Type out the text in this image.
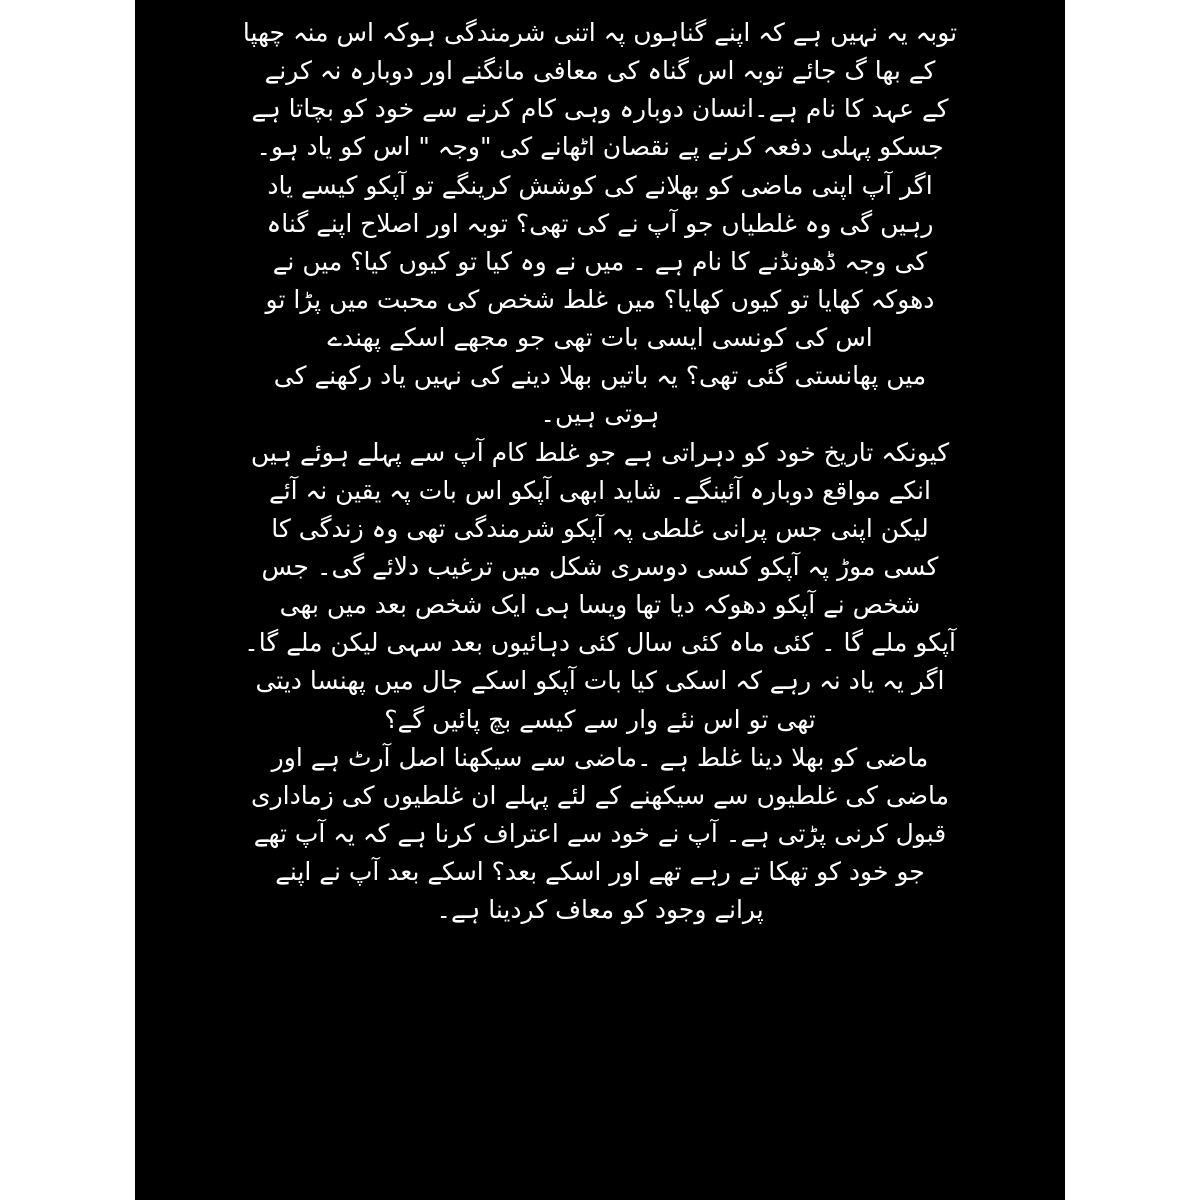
توبہ یہ نہیں ہے کہ اپنے گناہوں پہ اتنی شرمندگی ہوکہ اس منہ چھپا
کے بھا گ جائے توبہ اس گناہ کی معافی مانگنے اور دوبارہ نہ کرنے
کے عہد کا نام ہے۔انسان دوبارہ وہی کام کرنے سے خود کو بچاتا ہے
جسکو پہلی دفعہ کرنے پے نقصان اٹھانے کی "وجہ " اس کو یاد ہو۔
اگر آپ اپنی ماضی کو بھلانے کی کوشش کرینگے تو آپکو کیسے یاد
رہیں گی وہ غلطیاں جو آپ نے کی تھی؟ توبہ اور اصلاح اپنے گناہ
کی وجہ ڈھونڈنے کا نام ہے ۔ میں نے وہ کیا تو کیوں کیا؟ میں نے
دھوکہ کھایا تو کیوں کھایا؟ میں غلط شخص کی محبت میں پڑا تو
اس کی کونسی ایسی بات تھی جو مجھے اسکے پھندے
میں پھانستی گئی تھی؟ یہ باتیں بھلا دینے کی نہیں یاد رکھنے کی
ہوتی ہیں۔
کیونکہ تاریخ خود کو دہراتی ہے جو غلط کام آپ سے پہلے ہوئے ہیں
انکے مواقع دوبارہ آئینگے۔ شاید ابھی آپکو اس بات پہ یقین نہ آئے
لیکن اپنی جس پرانی غلطی پہ آپکو شرمندگی تھی وہ زندگی کا
کسی موڑ پہ آپکو کسی دوسری شکل میں ترغیب دلائے گی۔ جس
شخص نے آپکو دھوکہ دیا تھا ویسا ہی ایک شخص بعد میں بھی
آپکو ملے گا ۔ کئی ماہ کئی سال کئی دہائیوں بعد سہی لیکن ملے گا۔
اگر یہ یاد نہ رہے کہ اسکی کیا بات آپکو اسکے جال میں پھنسا دیتی
تھی تو اس نئے وار سے کیسے بچ پائیں گے؟
ماضی کو بھلا دینا غلط ہے ۔ماضی سے سیکھنا اصل آرٹ ہے اور
ماضی کی غلطیوں سے سیکھنے کے لئے پہلے ان غلطیوں کی زماداری
قبول کرنی پڑتی ہے۔ آپ نے خود سے اعتراف کرنا ہے کہ یہ آپ تھے
جو خود کو تھکا تے رہے تھے اور اسکے بعد؟ اسکے بعد آپ نے اپنے
پرانے وجود کو معاف کردینا ہے۔
